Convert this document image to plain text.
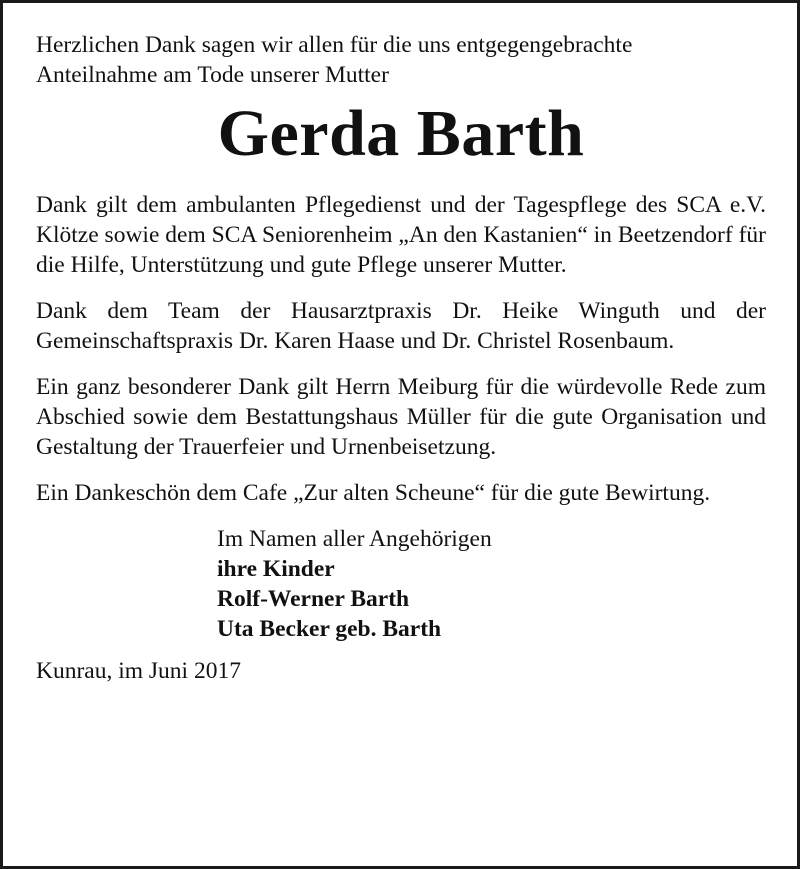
Herzlichen Dank sagen wir allen für die uns entgegengebrachte

Anteilnahme am Tode unserer Mutter

Gerda Barth

Dank gilt dem ambulanten Pflegedienst und der Tagespflege des SCA e.V. Klötze sowie dem SCA Seniorenheim „An den Kastanien“ in Beetzendorf für die Hilfe, Unterstützung und gute Pflege unserer Mutter.

Dank dem Team der Hausarztpraxis Dr. Heike Winguth und der Gemeinschaftspraxis Dr. Karen Haase und Dr. Christel Rosenbaum.

Ein ganz besonderer Dank gilt Herrn Meiburg für die würdevolle Rede zum Abschied sowie dem Bestattungshaus Müller für die gute Organisation und Gestaltung der Trauerfeier und Urnenbeisetzung.

Ein Dankeschön dem Cafe „Zur alten Scheune“ für die gute Bewirtung.

Im Namen aller Angehörigen

ihre Kinder

Rolf-Werner Barth

Uta Becker geb. Barth

Kunrau, im Juni 2017
